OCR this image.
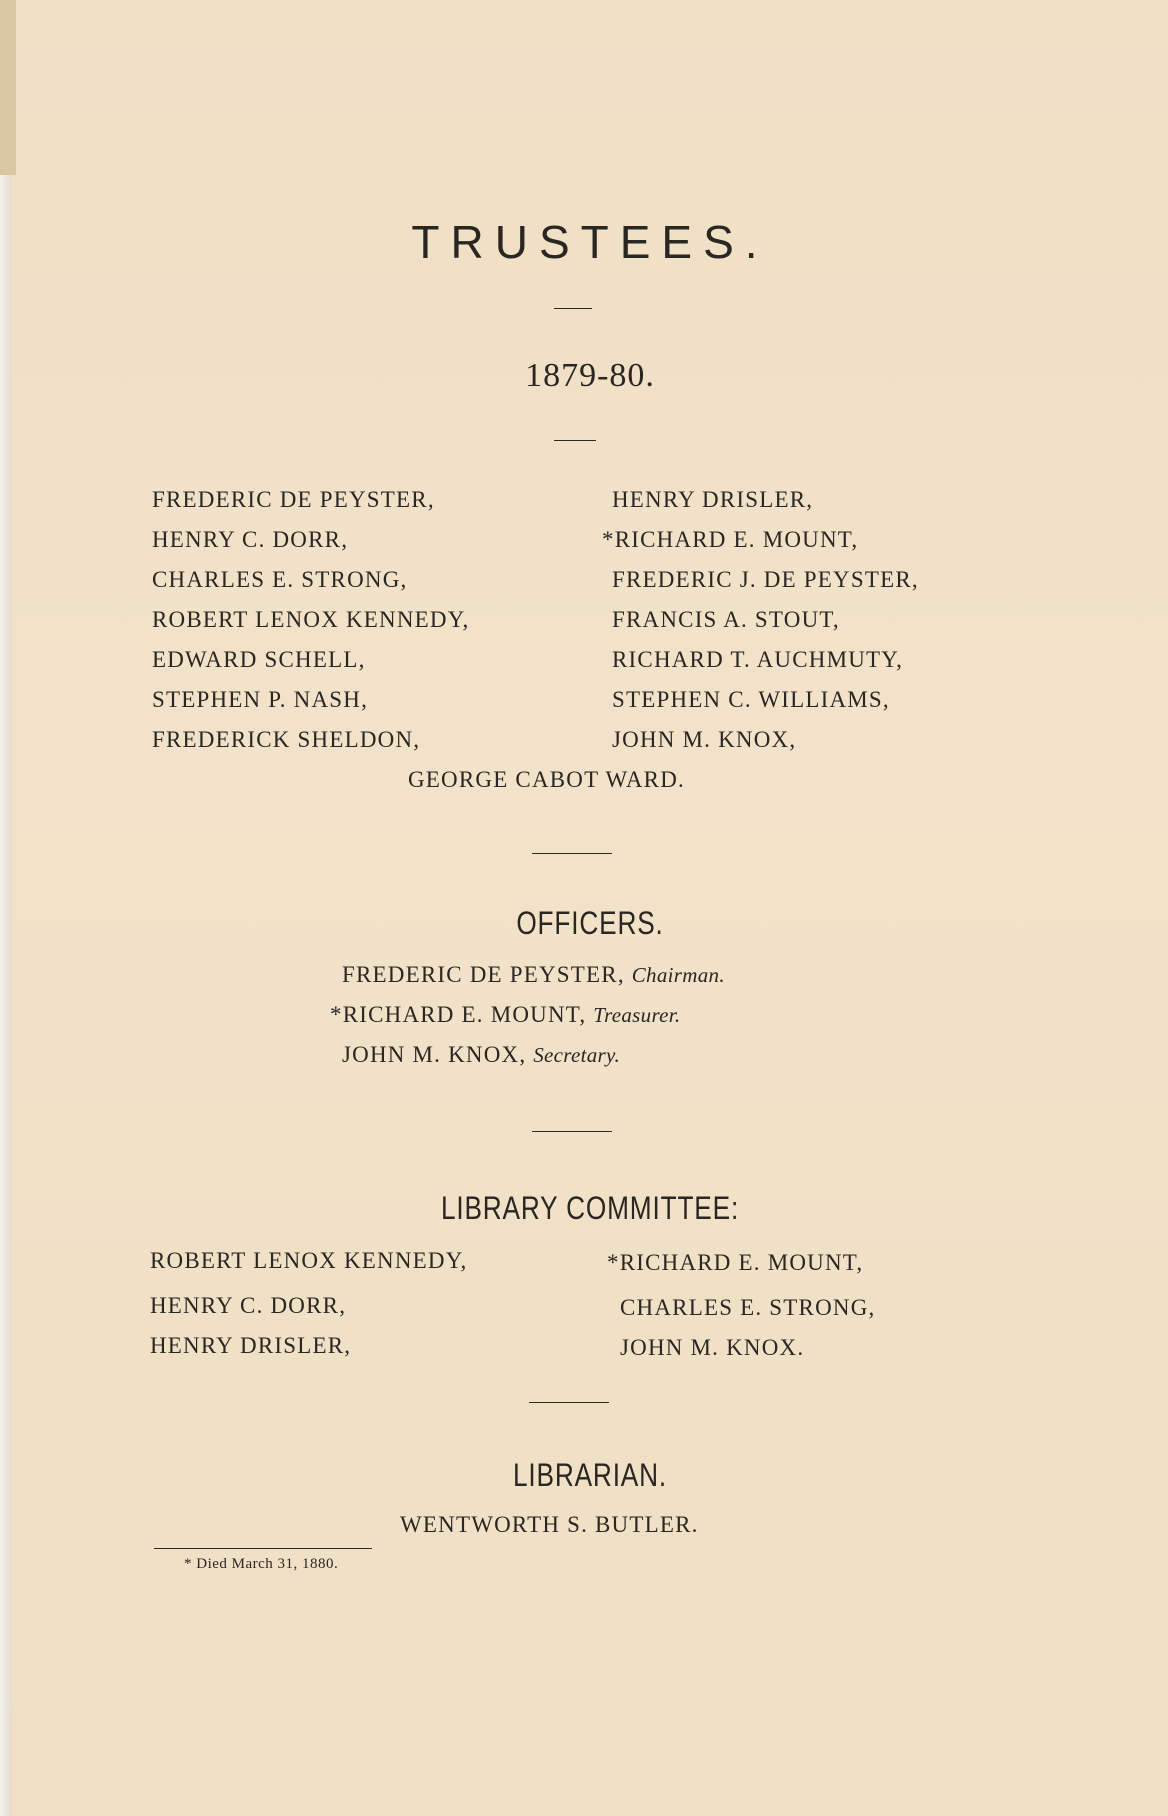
TRUSTEES.
1879-80.
FREDERIC DE PEYSTER,
HENRY C. DORR,
CHARLES E. STRONG,
ROBERT LENOX KENNEDY,
EDWARD SCHELL,
STEPHEN P. NASH,
FREDERICK SHELDON,
HENRY DRISLER,
*RICHARD E. MOUNT,
FREDERIC J. DE PEYSTER,
FRANCIS A. STOUT,
RICHARD T. AUCHMUTY,
STEPHEN C. WILLIAMS,
JOHN M. KNOX,
GEORGE CABOT WARD.
OFFICERS.
FREDERIC DE PEYSTER, Chairman.
*RICHARD E. MOUNT, Treasurer.
JOHN M. KNOX, Secretary.
LIBRARY COMMITTEE:
ROBERT LENOX KENNEDY,
HENRY C. DORR,
HENRY DRISLER,
*RICHARD E. MOUNT,
CHARLES E. STRONG,
JOHN M. KNOX.
LIBRARIAN.
WENTWORTH S. BUTLER.
* Died March 31, 1880.
